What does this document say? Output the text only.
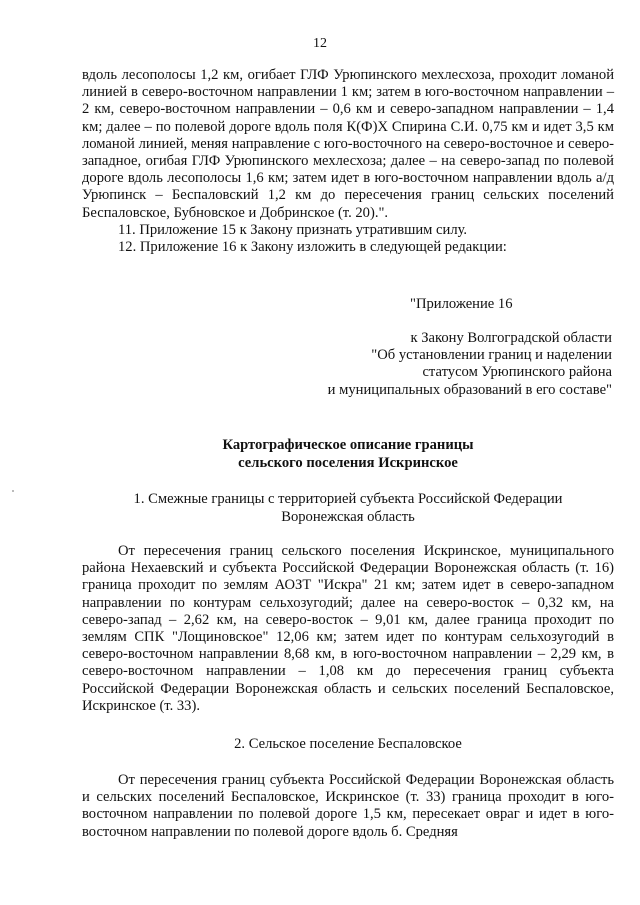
12

вдоль лесополосы 1,2 км, огибает ГЛФ Урюпинского мехлесхоза, проходит ломаной линией в северо-восточном направлении 1 км; затем в юго-восточном направлении – 2 км, северо-восточном направлении – 0,6 км и северо-западном направлении – 1,4 км; далее – по полевой дороге вдоль поля К(Ф)Х Спирина С.И. 0,75 км и идет 3,5 км ломаной линией, меняя направление с юго-восточного на северо-восточное и северо-западное, огибая ГЛФ Урюпинского мехлесхоза; далее – на северо-запад по полевой дороге вдоль лесополосы 1,6 км; затем идет в юго-восточном направлении вдоль а/д Урюпинск – Беспаловский 1,2 км до пересечения границ сельских поселений Беспаловское, Бубновское и Добринское (т. 20).".

11. Приложение 15 к Закону признать утратившим силу.

12. Приложение 16 к Закону изложить в следующей редакции:

"Приложение 16
к Закону Волгоградской области
"Об установлении границ и наделении
статусом Урюпинского района
и муниципальных образований в его составе"
Картографическое описание границы
сельского поселения Искринское
1. Смежные границы с территорией субъекта Российской Федерации
Воронежская область

От пересечения границ сельского поселения Искринское, муниципального района Нехаевский и субъекта Российской Федерации Воронежская область (т. 16) граница проходит по землям АОЗТ "Искра" 21 км; затем идет в северо-западном направлении по контурам сельхозугодий; далее на северо-восток – 0,32 км, на северо-запад – 2,62 км, на северо-восток – 9,01 км, далее граница проходит по землям СПК "Лощиновское" 12,06 км; затем идет по контурам сельхозугодий в северо-восточном направлении 8,68 км, в юго-восточном направлении – 2,29 км, в северо-восточном направлении – 1,08 км до пересечения границ субъекта Российской Федерации Воронежская область и сельских поселений Беспаловское, Искринское (т. 33).

2. Сельское поселение Беспаловское

От пересечения границ субъекта Российской Федерации Воронежская область и сельских поселений Беспаловское, Искринское (т. 33) граница проходит в юго-восточном направлении по полевой дороге 1,5 км, пересекает овраг и идет в юго-восточном направлении по полевой дороге вдоль б. Средняя
